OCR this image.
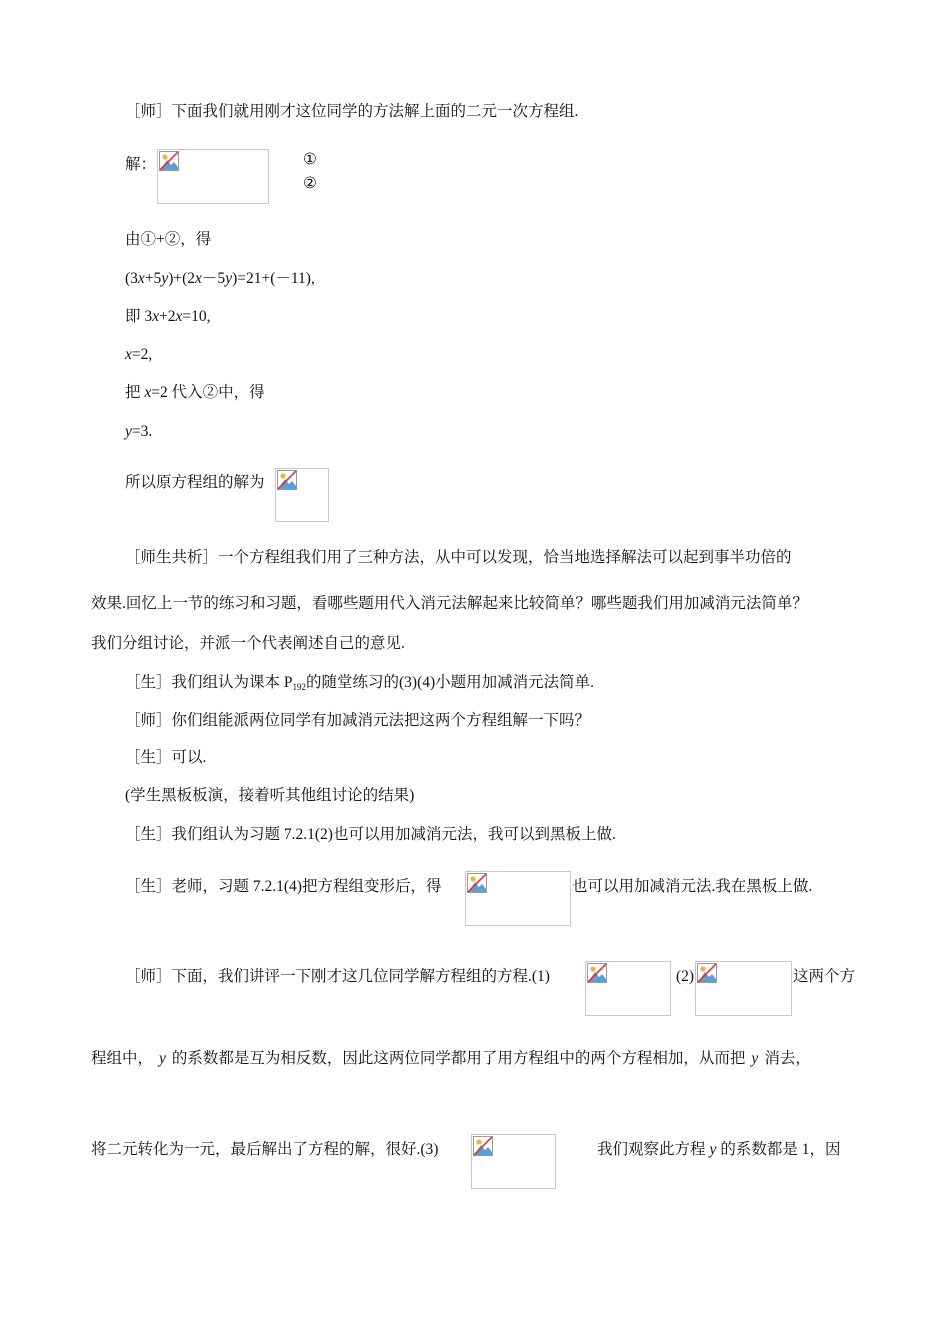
［师］下面我们就用刚才这位同学的方法解上面的二元一次方程组.
解：	①
②
由①+②，得
(3x+5y)+(2x－5y)=21+(－11),
即 3x+2x=10,
x=2,
把 x=2 代入②中，得
y=3.
所以原方程组的解为
［师生共析］一个方程组我们用了三种方法，从中可以发现，恰当地选择解法可以起到事半功倍的
效果.回忆上一节的练习和习题，看哪些题用代入消元法解起来比较简单？哪些题我们用加减消元法简单？
我们分组讨论，并派一个代表阐述自己的意见.
［生］我们组认为课本 $P_{192}$的随堂练习的(3)(4)小题用加减消元法简单.
［师］你们组能派两位同学有加减消元法把这两个方程组解一下吗？
［生］可以.
(学生黑板板演，接着听其他组讨论的结果)
［生］我们组认为习题 7.2.1(2)也可以用加减消元法，我可以到黑板上做.
［生］老师，习题 7.2.1(4)把方程组变形后，得	也可以用加减消元法.我在黑板上做.
［师］下面，我们讲评一下刚才这几位同学解方程组的方程.(1)	(2)	这两个方
程组中， y 的系数都是互为相反数，因此这两位同学都用了用方程组中的两个方程相加，从而把 y 消去，
将二元转化为一元，最后解出了方程的解，很好.(3)	我们观察此方程 y 的系数都是 1，因
